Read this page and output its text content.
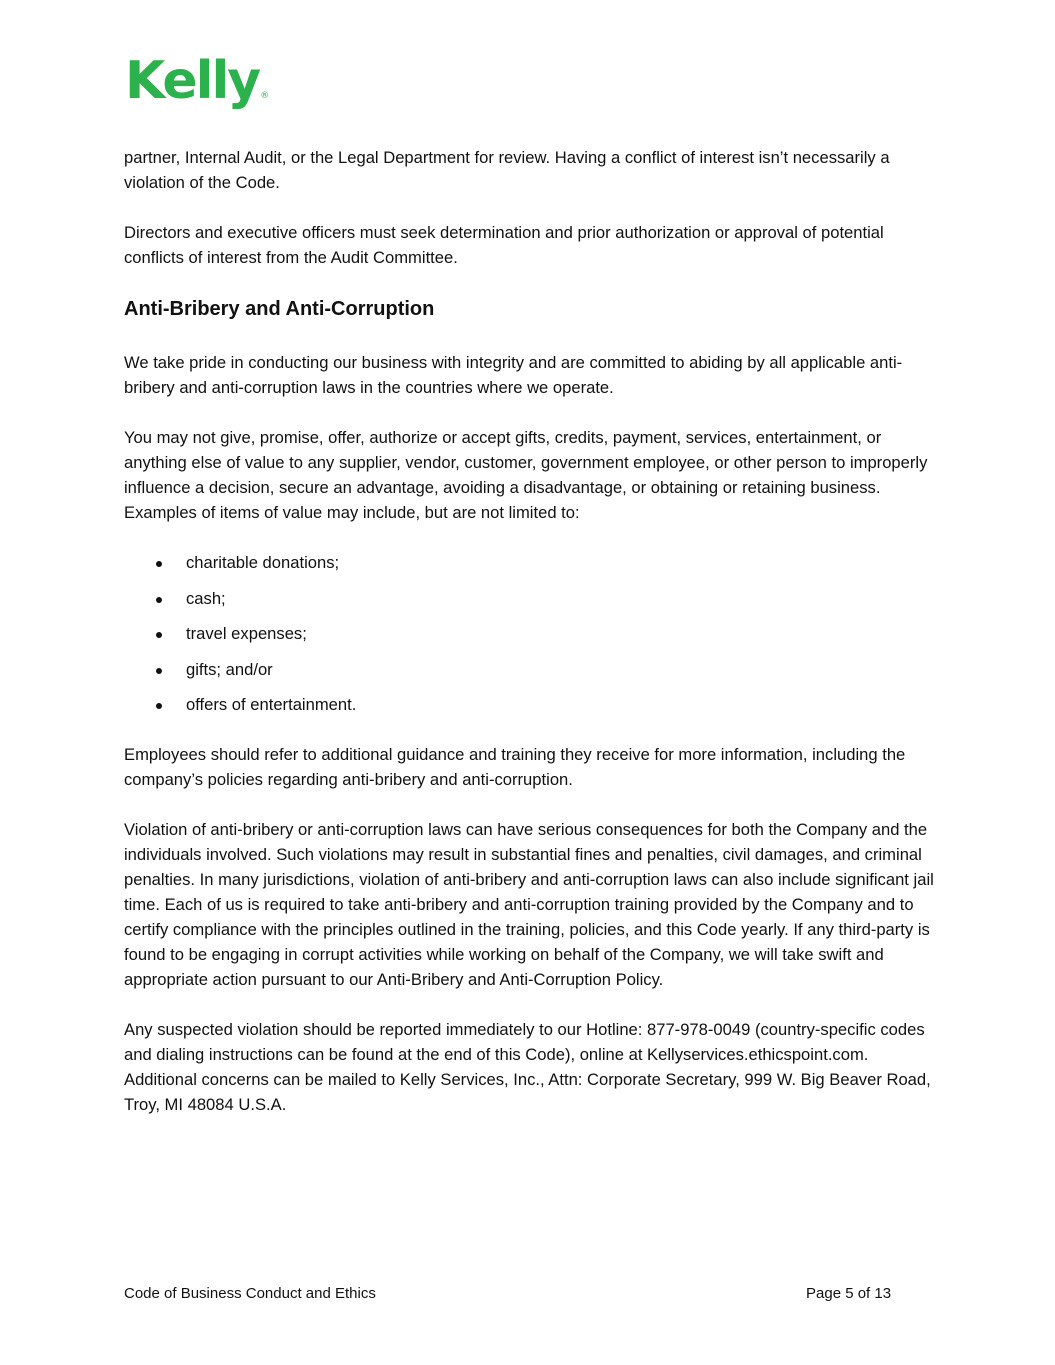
Kelly®

partner, Internal Audit, or the Legal Department for review. Having a conflict of interest isn’t necessarily a violation of the Code.

Directors and executive officers must seek determination and prior authorization or approval of potential conflicts of interest from the Audit Committee.

Anti-Bribery and Anti-Corruption

We take pride in conducting our business with integrity and are committed to abiding by all applicable anti-bribery and anti-corruption laws in the countries where we operate.

You may not give, promise, offer, authorize or accept gifts, credits, payment, services, entertainment, or anything else of value to any supplier, vendor, customer, government employee, or other person to improperly influence a decision, secure an advantage, avoiding a disadvantage, or obtaining or retaining business. Examples of items of value may include, but are not limited to:

charitable donations;
cash;
travel expenses;
gifts; and/or
offers of entertainment.

Employees should refer to additional guidance and training they receive for more information, including the company’s policies regarding anti-bribery and anti-corruption.

Violation of anti-bribery or anti-corruption laws can have serious consequences for both the Company and the individuals involved. Such violations may result in substantial fines and penalties, civil damages, and criminal penalties. In many jurisdictions, violation of anti-bribery and anti-corruption laws can also include significant jail time. Each of us is required to take anti-bribery and anti-corruption training provided by the Company and to certify compliance with the principles outlined in the training, policies, and this Code yearly. If any third-party is found to be engaging in corrupt activities while working on behalf of the Company, we will take swift and appropriate action pursuant to our Anti-Bribery and Anti-Corruption Policy.

Any suspected violation should be reported immediately to our Hotline: 877-978-0049 (country-specific codes and dialing instructions can be found at the end of this Code), online at Kellyservices.ethicspoint.com. Additional concerns can be mailed to Kelly Services, Inc., Attn: Corporate Secretary, 999 W. Big Beaver Road, Troy, MI 48084 U.S.A.

Code of Business Conduct and Ethics	Page 5 of 13
